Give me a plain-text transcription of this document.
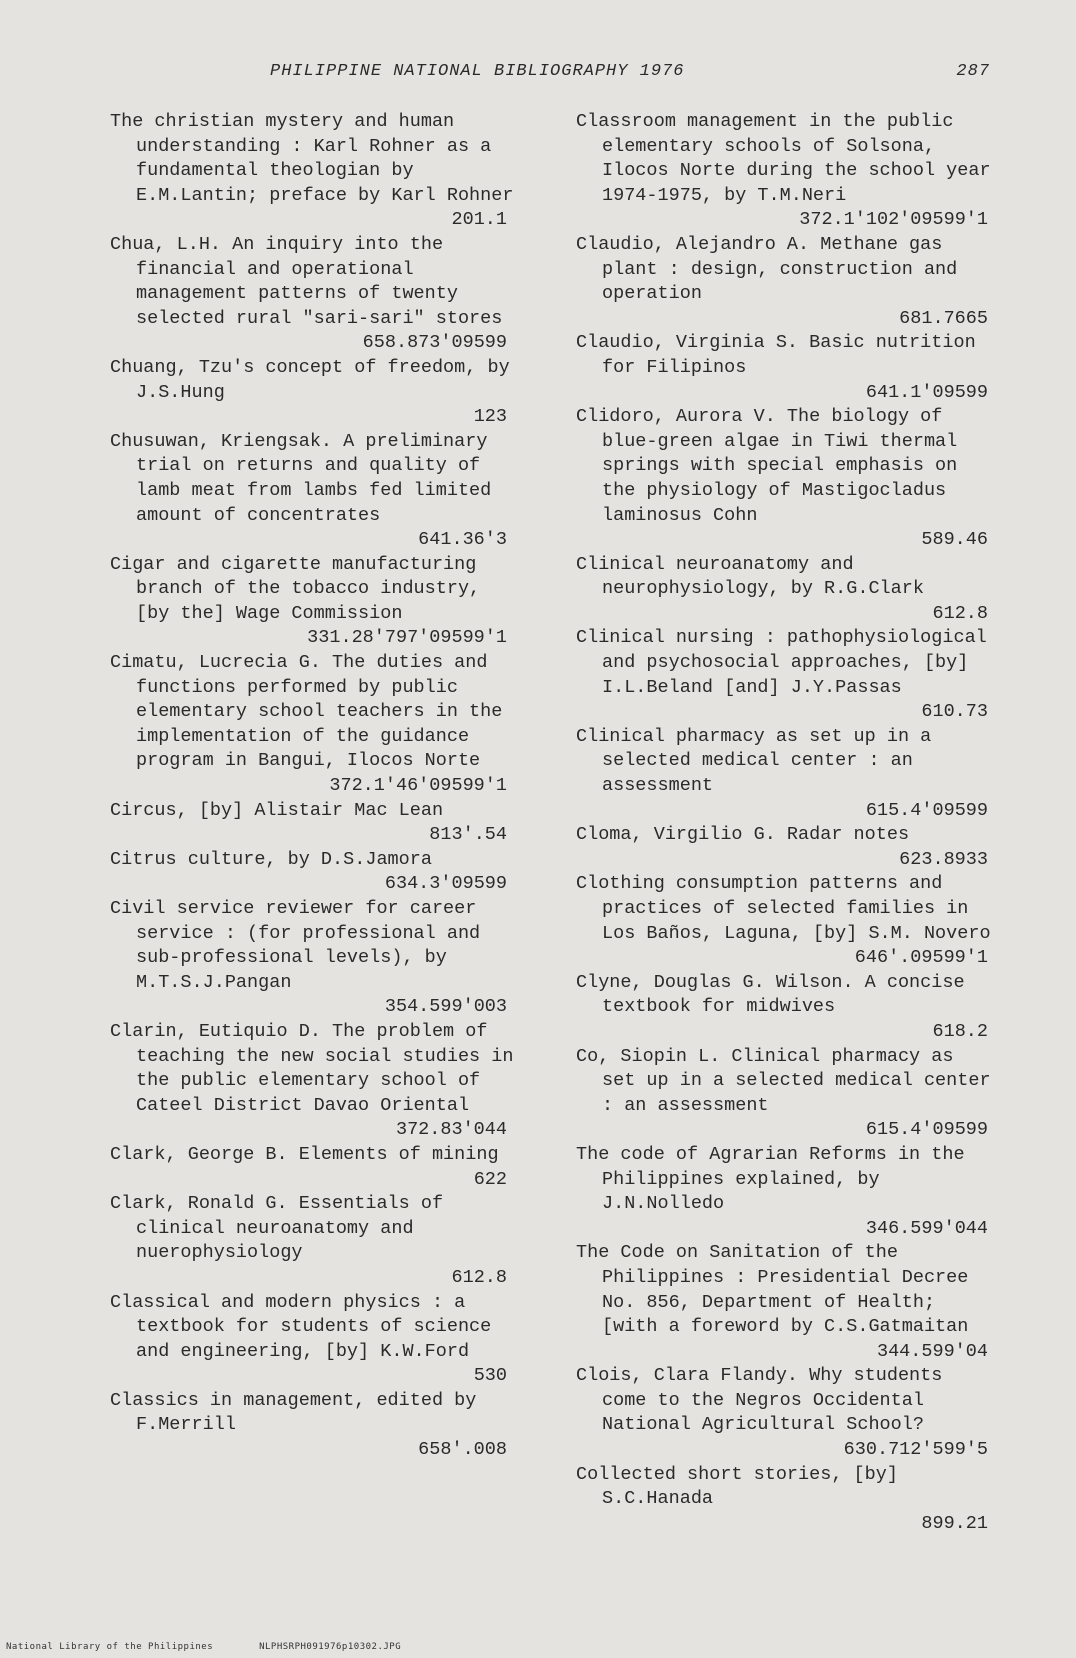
PHILIPPINE NATIONAL BIBLIOGRAPHY 1976	287
The christian mystery and human understanding : Karl Rohner as a fundamental theologian by E.M.Lantin; preface by Karl Rohner
201.1
Chua, L.H. An inquiry into the financial and operational management patterns of twenty selected rural "sari-sari" stores
658.873'09599
Chuang, Tzu's concept of freedom, by J.S.Hung
123
Chusuwan, Kriengsak. A preliminary trial on returns and quality of lamb meat from lambs fed limited amount of concentrates
641.36'3
Cigar and cigarette manufacturing branch of the tobacco industry, [by the] Wage Commission
331.28'797'09599'1
Cimatu, Lucrecia G. The duties and functions performed by public elementary school teachers in the implementation of the guidance program in Bangui, Ilocos Norte
372.1'46'09599'1
Circus, [by] Alistair Mac Lean
813'.54
Citrus culture, by D.S.Jamora
634.3'09599
Civil service reviewer for career service : (for professional and sub-professional levels), by M.T.S.J.Pangan
354.599'003
Clarin, Eutiquio D. The problem of teaching the new social studies in the public elementary school of Cateel District Davao Oriental
372.83'044
Clark, George B. Elements of mining
622
Clark, Ronald G. Essentials of clinical neuroanatomy and nuerophysiology
612.8
Classical and modern physics : a textbook for students of science and engineering, [by] K.W.Ford
530
Classics in management, edited by F.Merrill
658'.008
Classroom management in the public elementary schools of Solsona, Ilocos Norte during the school year 1974-1975, by T.M.Neri
372.1'102'09599'1
Claudio, Alejandro A. Methane gas plant : design, construction and operation
681.7665
Claudio, Virginia S. Basic nutrition for Filipinos
641.1'09599
Clidoro, Aurora V. The biology of blue-green algae in Tiwi thermal springs with special emphasis on the physiology of Mastigocladus laminosus Cohn
589.46
Clinical neuroanatomy and neurophysiology, by R.G.Clark
612.8
Clinical nursing : pathophysiological and psychosocial approaches, [by] I.L.Beland [and] J.Y.Passas
610.73
Clinical pharmacy as set up in a selected medical center : an assessment
615.4'09599
Cloma, Virgilio G. Radar notes
623.8933
Clothing consumption patterns and practices of selected families in Los Baños, Laguna, [by] S.M. Novero
646'.09599'1
Clyne, Douglas G. Wilson. A concise textbook for midwives
618.2
Co, Siopin L. Clinical pharmacy as set up in a selected medical center : an assessment
615.4'09599
The code of Agrarian Reforms in the Philippines explained, by J.N.Nolledo
346.599'044
The Code on Sanitation of the Philippines : Presidential Decree No. 856, Department of Health; [with a foreword by C.S.Gatmaitan
344.599'04
Clois, Clara Flandy. Why students come to the Negros Occidental National Agricultural School?
630.712'599'5
Collected short stories, [by] S.C.Hanada
899.21
National Library of the Philippines	NLPHSRPH091976p10302.JPG
